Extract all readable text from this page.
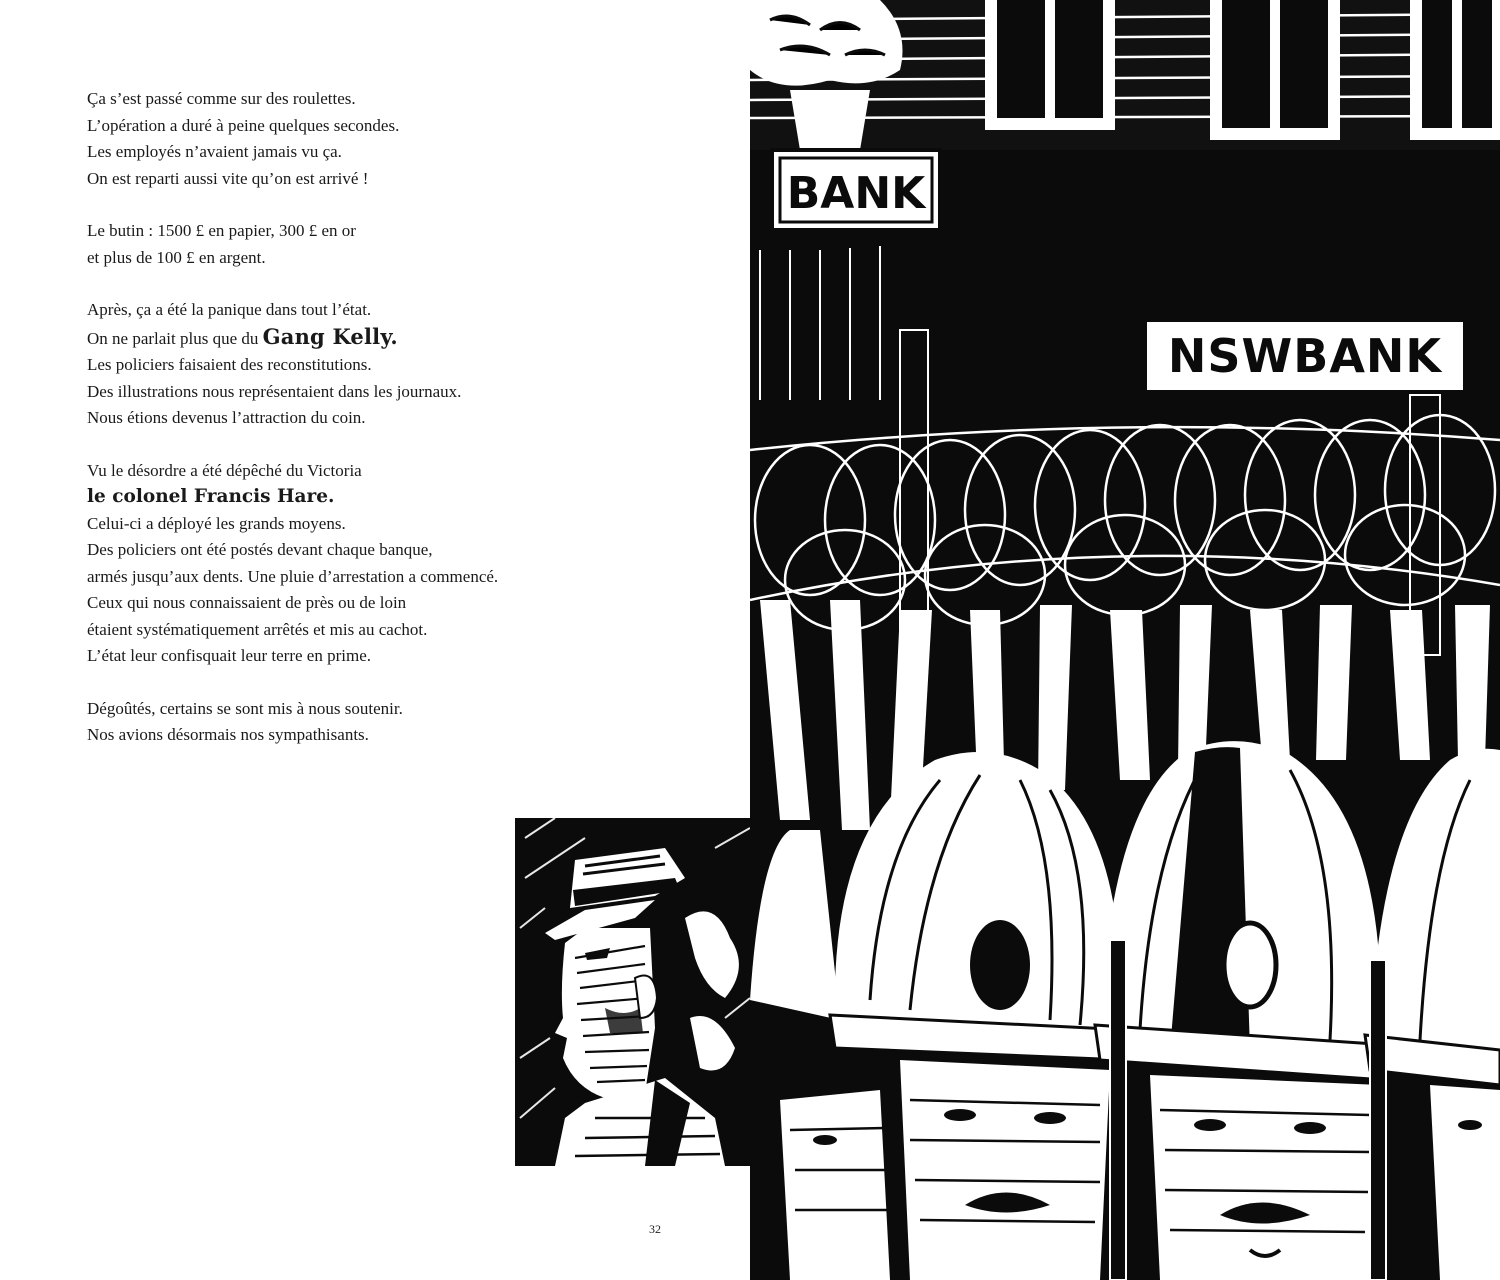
Ça s’est passé comme sur des roulettes.
L’opération a duré à peine quelques secondes.
Les employés n’avaient jamais vu ça.
On est reparti aussi vite qu’on est arrivé !

Le butin : 1500 £ en papier, 300 £ en or
et plus de 100 £ en argent.

Après, ça a été la panique dans tout l’état.
On ne parlait plus que du Gang Kelly.
Les policiers faisaient des reconstitutions.
Des illustrations nous représentaient dans les journaux.
Nous étions devenus l’attraction du coin.

Vu le désordre a été dépêché du Victoria
le colonel Francis Hare.
Celui-ci a déployé les grands moyens.
Des policiers ont été postés devant chaque banque,
armés jusqu’aux dents. Une pluie d’arrestation a commencé.
Ceux qui nous connaissaient de près ou de loin
étaient systématiquement arrêtés et mis au cachot.
L’état leur confisquait leur terre en prime.

Dégoûtés, certains se sont mis à nous soutenir.
Nos avions désormais nos sympathisants.

32
BANK
NSWBANK
